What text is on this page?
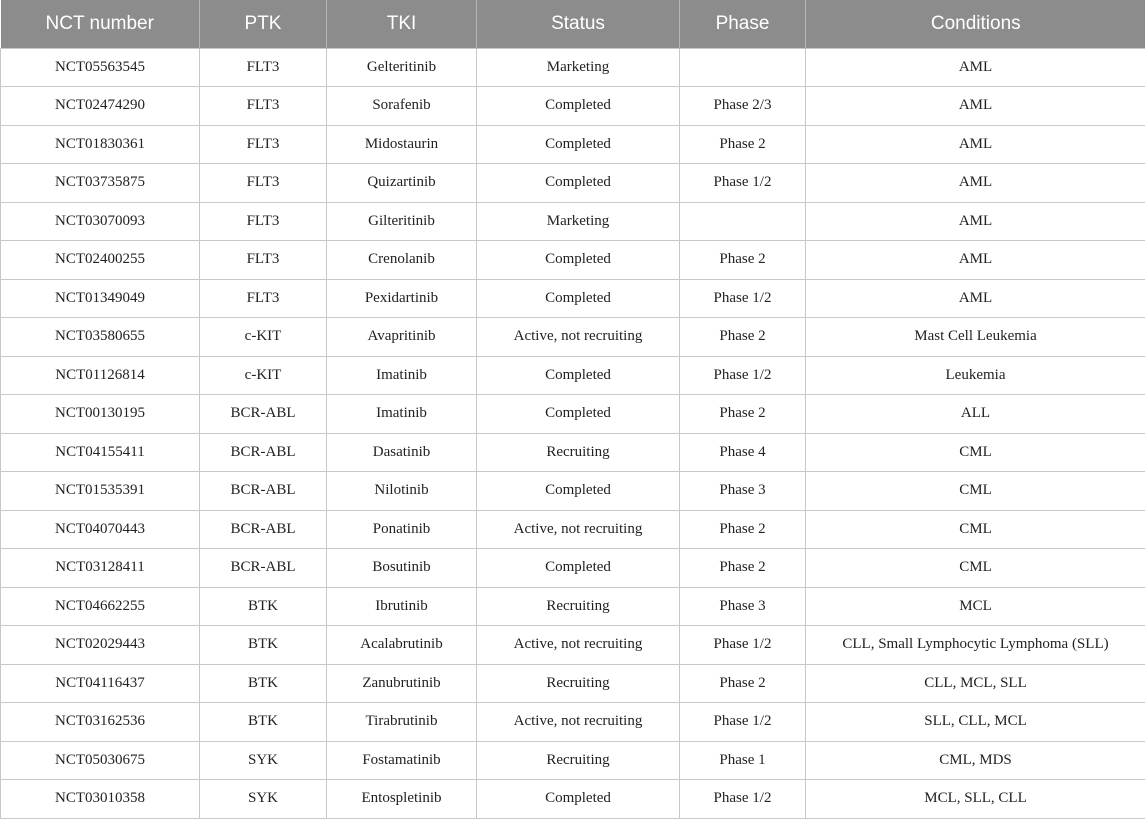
NCT number	PTK	TKI	Status	Phase	Conditions
NCT05563545	FLT3	Gelteritinib	Marketing		AML
NCT02474290	FLT3	Sorafenib	Completed	Phase 2/3	AML
NCT01830361	FLT3	Midostaurin	Completed	Phase 2	AML
NCT03735875	FLT3	Quizartinib	Completed	Phase 1/2	AML
NCT03070093	FLT3	Gilteritinib	Marketing		AML
NCT02400255	FLT3	Crenolanib	Completed	Phase 2	AML
NCT01349049	FLT3	Pexidartinib	Completed	Phase 1/2	AML
NCT03580655	c-KIT	Avapritinib	Active, not recruiting	Phase 2	Mast Cell Leukemia
NCT01126814	c-KIT	Imatinib	Completed	Phase 1/2	Leukemia
NCT00130195	BCR-ABL	Imatinib	Completed	Phase 2	ALL
NCT04155411	BCR-ABL	Dasatinib	Recruiting	Phase 4	CML
NCT01535391	BCR-ABL	Nilotinib	Completed	Phase 3	CML
NCT04070443	BCR-ABL	Ponatinib	Active, not recruiting	Phase 2	CML
NCT03128411	BCR-ABL	Bosutinib	Completed	Phase 2	CML
NCT04662255	BTK	Ibrutinib	Recruiting	Phase 3	MCL
NCT02029443	BTK	Acalabrutinib	Active, not recruiting	Phase 1/2	CLL, Small Lymphocytic Lymphoma (SLL)
NCT04116437	BTK	Zanubrutinib	Recruiting	Phase 2	CLL, MCL, SLL
NCT03162536	BTK	Tirabrutinib	Active, not recruiting	Phase 1/2	SLL, CLL, MCL
NCT05030675	SYK	Fostamatinib	Recruiting	Phase 1	CML, MDS
NCT03010358	SYK	Entospletinib	Completed	Phase 1/2	MCL, SLL, CLL
